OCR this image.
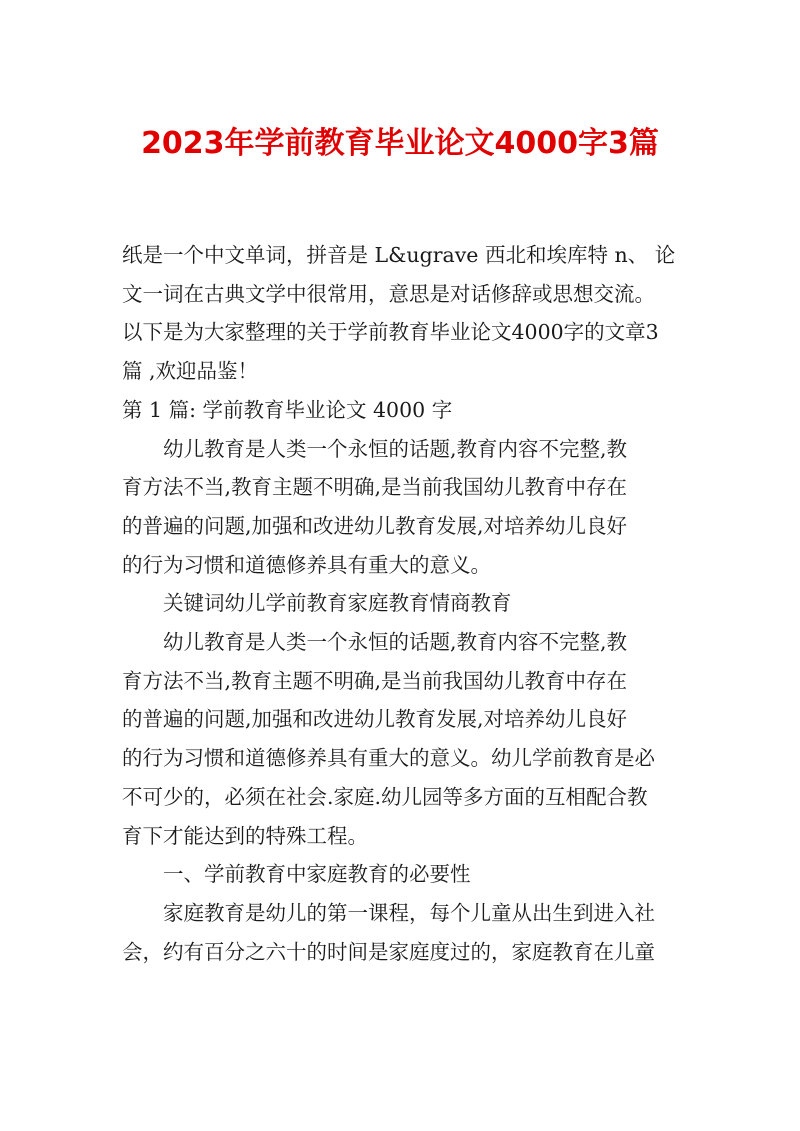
2023年学前教育毕业论文4000字3篇
纸是一个中文单词，拼音是 L&ugrave 西北和埃库特 n、 论
文一词在古典文学中很常用，意思是对话修辞或思想交流。
以下是为大家整理的关于学前教育毕业论文4000字的文章3
篇 ,欢迎品鉴！
第 1 篇: 学前教育毕业论文 4000 字
幼儿教育是人类一个永恒的话题,教育内容不完整,教
育方法不当,教育主题不明确,是当前我国幼儿教育中存在
的普遍的问题,加强和改进幼儿教育发展,对培养幼儿良好
的行为习惯和道德修养具有重大的意义。
关键词幼儿学前教育家庭教育情商教育
幼儿教育是人类一个永恒的话题,教育内容不完整,教
育方法不当,教育主题不明确,是当前我国幼儿教育中存在
的普遍的问题,加强和改进幼儿教育发展,对培养幼儿良好
的行为习惯和道德修养具有重大的意义。幼儿学前教育是必
不可少的，必须在社会.家庭.幼儿园等多方面的互相配合教
育下才能达到的特殊工程。
一、学前教育中家庭教育的必要性
家庭教育是幼儿的第一课程，每个儿童从出生到进入社
会，约有百分之六十的时间是家庭度过的，家庭教育在儿童
